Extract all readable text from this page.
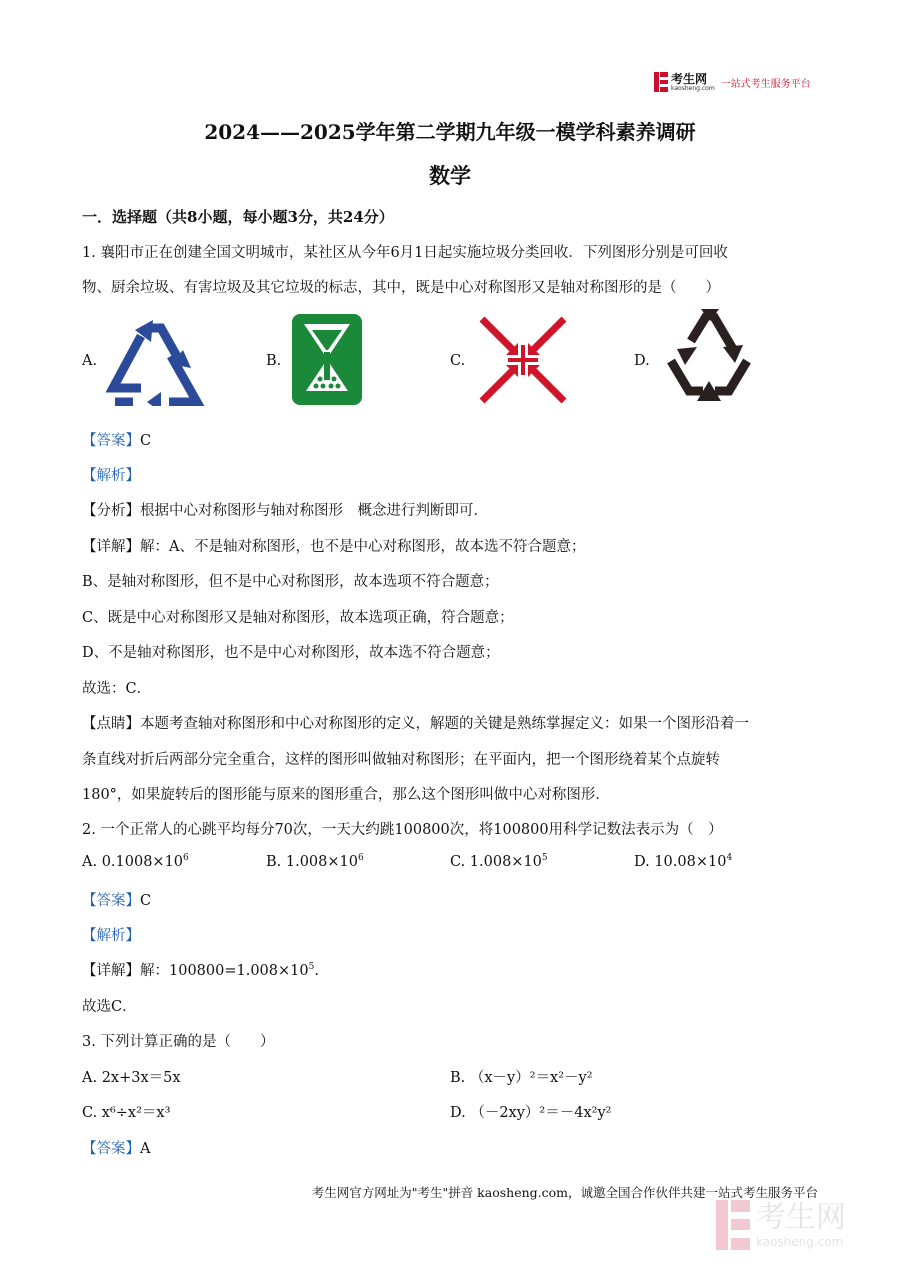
考生网
kaosheng.com 一站式考生服务平台
2024——2025学年第二学期九年级一模学科素养调研
数学
一．选择题（共8小题，每小题3分，共24分）
1. 襄阳市正在创建全国文明城市，某社区从今年6月1日起实施垃圾分类回收．下列图形分别是可回收
物、厨余垃圾、有害垃圾及其它垃圾的标志，其中，既是中心对称图形又是轴对称图形的是（　　）
A.	B.	C.	D.
【答案】C
【解析】
【分析】根据中心对称图形与轴对称图形　概念进行判断即可．
【详解】解：A、不是轴对称图形，也不是中心对称图形，故本选不符合题意；
B、是轴对称图形，但不是中心对称图形，故本选项不符合题意；
C、既是中心对称图形又是轴对称图形，故本选项正确，符合题意；
D、不是轴对称图形，也不是中心对称图形，故本选不符合题意；
故选：C．
【点睛】本题考查轴对称图形和中心对称图形的定义，解题的关键是熟练掌握定义：如果一个图形沿着一
条直线对折后两部分完全重合，这样的图形叫做轴对称图形；在平面内，把一个图形绕着某个点旋转
180°，如果旋转后的图形能与原来的图形重合，那么这个图形叫做中心对称图形．
2. 一个正常人的心跳平均每分70次，一天大约跳100800次，将100800用科学记数法表示为（　）
A. $0.1008\times 10^6$	B. $1.008\times 10^6$	C. $1.008\times 10^5$	D. $10.08\times 10^4$
【答案】C
【解析】
【详解】解：$100800=1.008\times 10^5$.
故选C．
3. 下列计算正确的是（　　）
A. 2x+3x＝5x	B. （x－y）²＝x²－y²
C. x⁶÷x²＝x³	D. （－2xy）²＝－4x²y²
【答案】A
考生网官方网址为"考生"拼音 kaosheng.com，诚邀全国合作伙伴共建一站式考生服务平台
考生网
kaosheng.com
